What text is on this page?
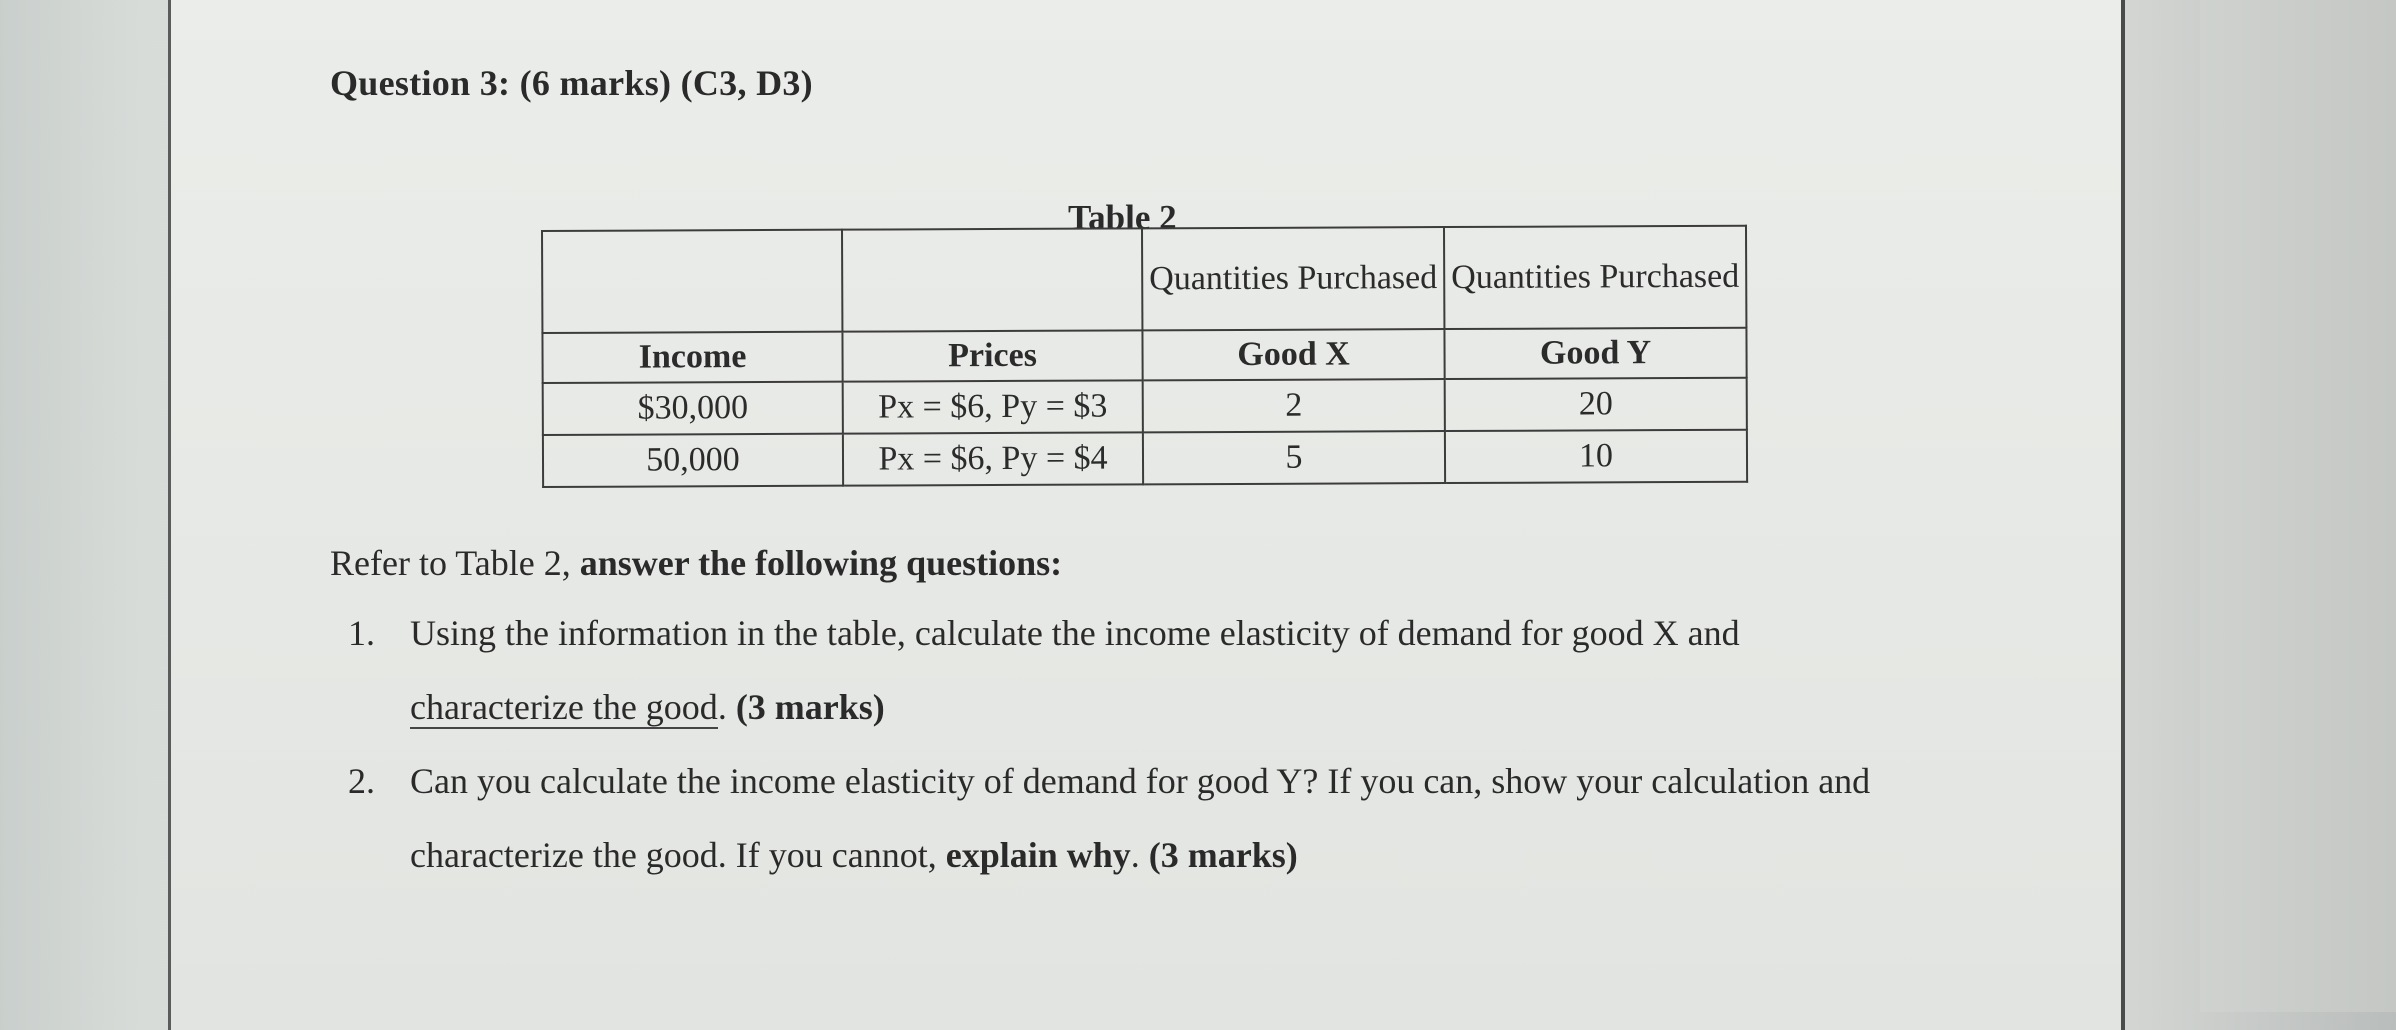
Question 3: (6 marks) (C3, D3)
Table 2
		Quantities Purchased	Quantities Purchased
Income	Prices	Good X	Good Y
$30,000	Px = $6, Py = $3	2	20
50,000	Px = $6, Py = $4	5	10
Refer to Table 2, answer the following questions:
1. Using the information in the table, calculate the income elasticity of demand for good X and characterize the good. (3 marks)
2. Can you calculate the income elasticity of demand for good Y? If you can, show your calculation and characterize the good. If you cannot, explain why. (3 marks)
